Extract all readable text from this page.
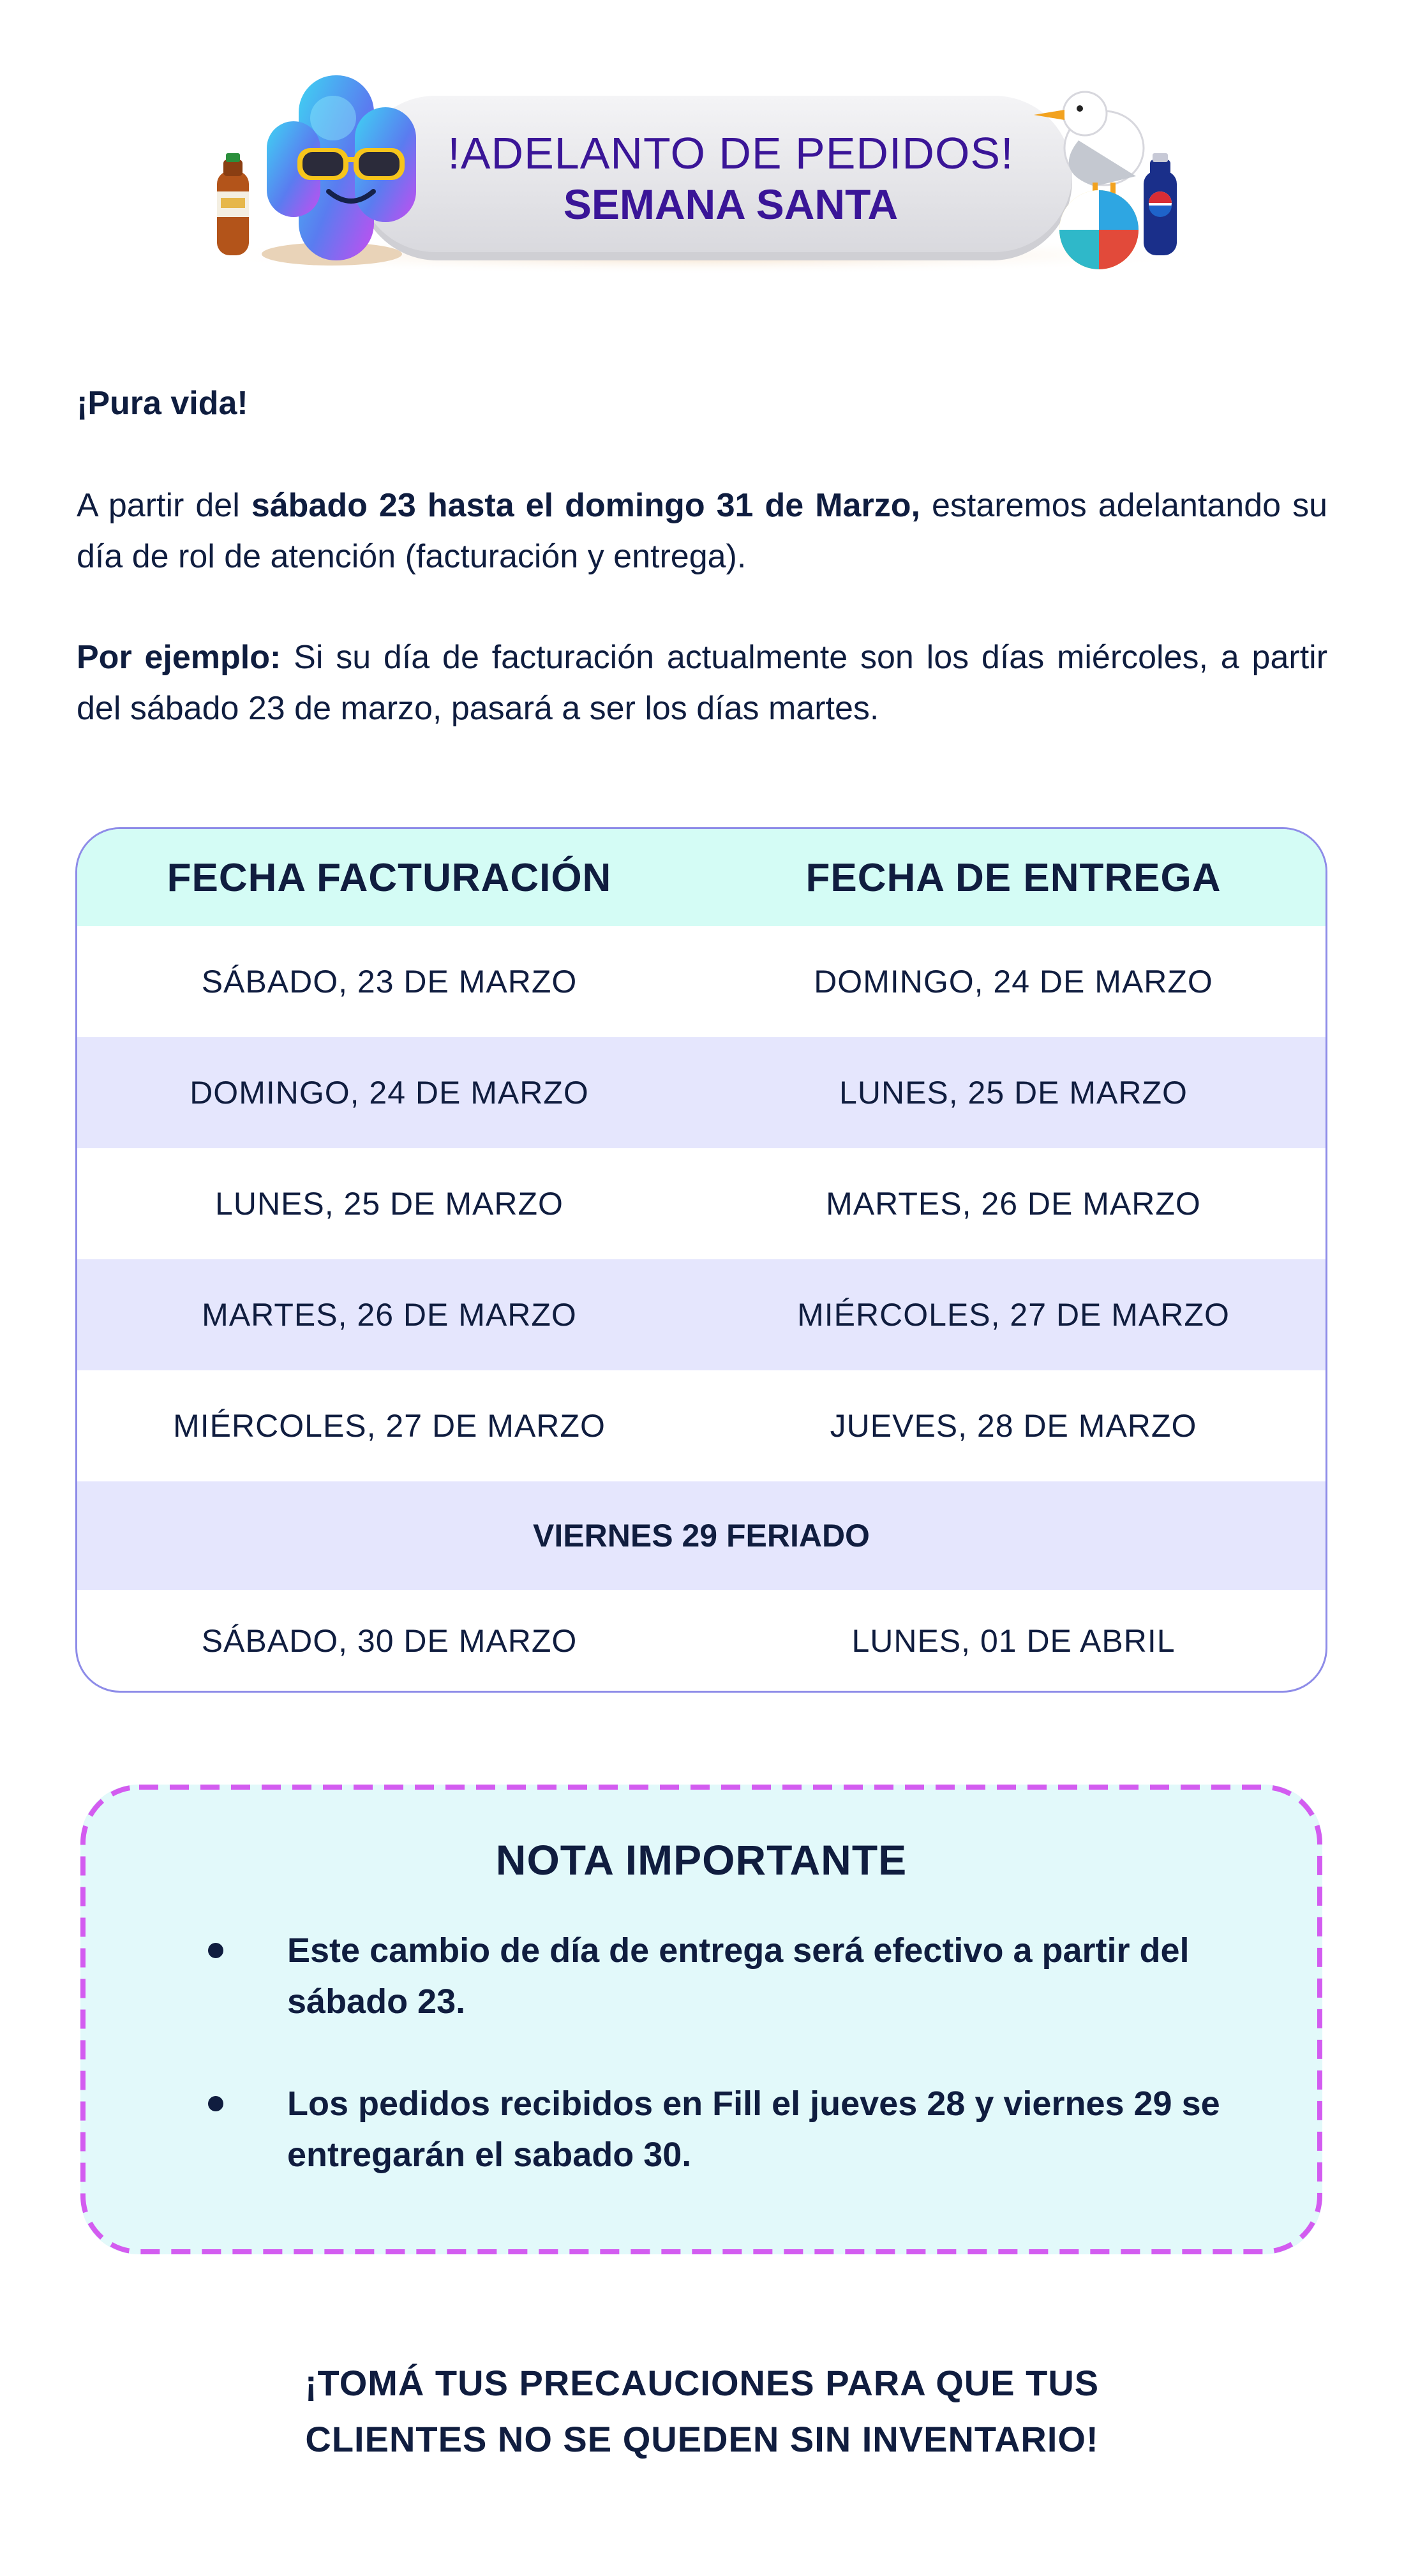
!ADELANTO DE PEDIDOS!
SEMANA SANTA
¡Pura vida!
A partir del sábado 23 hasta el domingo 31 de Marzo, estaremos adelantando su día de rol de atención (facturación y entrega).
Por ejemplo: Si su día de facturación actualmente son los días miércoles, a partir del sábado 23 de marzo, pasará a ser los días martes.
FECHA FACTURACIÓN	FECHA DE ENTREGA
SÁBADO, 23 DE MARZO	DOMINGO, 24 DE MARZO
DOMINGO, 24 DE MARZO	LUNES, 25 DE MARZO
LUNES, 25 DE MARZO	MARTES, 26 DE MARZO
MARTES, 26 DE MARZO	MIÉRCOLES, 27 DE MARZO
MIÉRCOLES, 27 DE MARZO	JUEVES, 28 DE MARZO
VIERNES 29 FERIADO
SÁBADO, 30 DE MARZO	LUNES, 01 DE ABRIL
NOTA IMPORTANTE
Este cambio de día de entrega será efectivo a partir del sábado 23.
Los pedidos recibidos en Fill el jueves 28 y viernes 29 se entregarán el sabado 30.
¡TOMÁ TUS PRECAUCIONES PARA QUE TUS
CLIENTES NO SE QUEDEN SIN INVENTARIO!
